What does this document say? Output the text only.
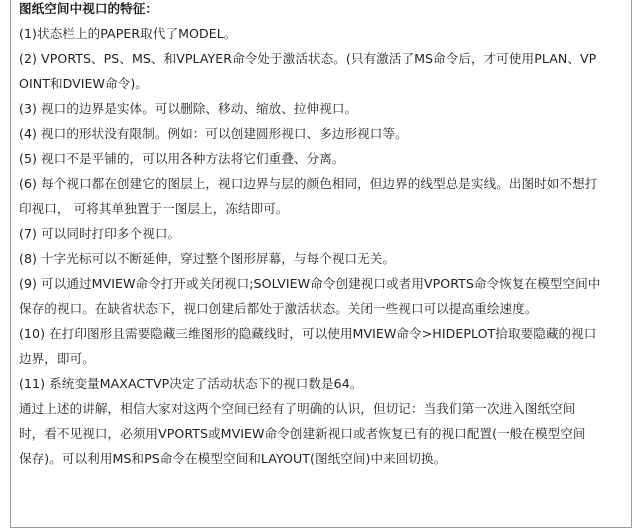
图纸空间中视口的特征：
(1)状态栏上的PAPER取代了MODEL。
(2) VPORTS、PS、MS、和VPLAYER命令处于激活状态。(只有激活了MS命令后，才可使用PLAN、VP
OINT和DVIEW命令)。
(3) 视口的边界是实体。可以删除、移动、缩放、拉伸视口。
(4) 视口的形状没有限制。例如：可以创建圆形视口、多边形视口等。
(5) 视口不是平铺的，可以用各种方法将它们重叠、分离。
(6) 每个视口都在创建它的图层上，视口边界与层的颜色相同，但边界的线型总是实线。出图时如不想打
印视口， 可将其单独置于一图层上，冻结即可。
(7) 可以同时打印多个视口。
(8) 十字光标可以不断延伸，穿过整个图形屏幕，与每个视口无关。
(9) 可以通过MVIEW命令打开或关闭视口;SOLVIEW命令创建视口或者用VPORTS命令恢复在模型空间中
保存的视口。在缺省状态下，视口创建后都处于激活状态。关闭一些视口可以提高重绘速度。
(10) 在打印图形且需要隐藏三维图形的隐藏线时，可以使用MVIEW命令>HIDEPLOT拾取要隐藏的视口
边界，即可。
(11) 系统变量MAXACTVP决定了活动状态下的视口数是64。
通过上述的讲解，相信大家对这两个空间已经有了明确的认识，但切记：当我们第一次进入图纸空间
时，看不见视口，必须用VPORTS或MVIEW命令创建新视口或者恢复已有的视口配置(一般在模型空间
保存)。可以利用MS和PS命令在模型空间和LAYOUT(图纸空间)中来回切换。
